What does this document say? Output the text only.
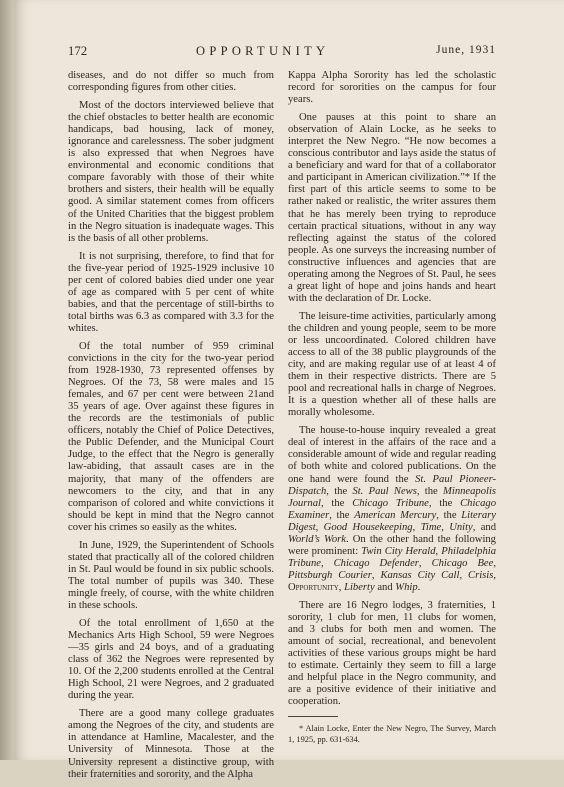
172	OPPORTUNITY	June, 1931

diseases, and do not differ so much from corresponding figures from other cities.

Most of the doctors interviewed believe that the chief obstacles to better health are economic handicaps, bad housing, lack of money, ignorance and carelessness. The sober judgment is also expressed that when Negroes have environmental and economic conditions that compare favorably with those of their white brothers and sisters, their health will be equally good. A similar statement comes from officers of the United Charities that the biggest problem in the Negro situation is inadequate wages. This is the basis of all other problems.

It is not surprising, therefore, to find that for the five-year period of 1925-1929 inclusive 10 per cent of colored babies died under one year of age as compared with 5 per cent of white babies, and that the percentage of still-births to total births was 6.3 as compared with 3.3 for the whites.

Of the total number of 959 criminal convictions in the city for the two-year period from 1928-1930, 73 represented offenses by Negroes. Of the 73, 58 were males and 15 females, and 67 per cent were between 21and 35 years of age. Over against these figures in the records are the testimonials of public officers, notably the Chief of Police Detectives, the Public Defender, and the Municipal Court Judge, to the effect that the Negro is generally law-abiding, that assault cases are in the majority, that many of the offenders are newcomers to the city, and that in any comparison of colored and white convictions it should be kept in mind that the Negro cannot cover his crimes so easily as the whites.

In June, 1929, the Superintendent of Schools stated that practically all of the colored children in St. Paul would be found in six public schools. The total number of pupils was 340. These mingle freely, of course, with the white children in these schools.

Of the total enrollment of 1,650 at the Mechanics Arts High School, 59 were Negroes—35 girls and 24 boys, and of a graduating class of 362 the Negroes were represented by 10. Of the 2,200 students enrolled at the Central High School, 21 were Negroes, and 2 graduated during the year.

There are a good many college graduates among the Negroes of the city, and students are in attendance at Hamline, Macalester, and the University of Minnesota. Those at the University represent a distinctive group, with their fraternities and sorority, and the Alpha

Kappa Alpha Sorority has led the scholastic record for sororities on the campus for four years.

One pauses at this point to share an observation of Alain Locke, as he seeks to interpret the New Negro. “He now becomes a conscious contributor and lays aside the status of a beneficiary and ward for that of a collaborator and participant in American civilization.”* If the first part of this article seems to some to be rather naked or realistic, the writer assures them that he has merely been trying to reproduce certain practical situations, without in any way reflecting against the status of the colored people. As one surveys the increasing number of constructive influences and agencies that are operating among the Negroes of St. Paul, he sees a great light of hope and joins hands and heart with the declaration of Dr. Locke.

The leisure-time activities, particularly among the children and young people, seem to be more or less uncoordinated. Colored children have access to all of the 38 public playgrounds of the city, and are making regular use of at least 4 of them in their respective districts. There are 5 pool and recreational halls in charge of Negroes. It is a question whether all of these halls are morally wholesome.

The house-to-house inquiry revealed a great deal of interest in the affairs of the race and a considerable amount of wide and regular reading of both white and colored publications. On the one hand were found the St. Paul Pioneer-Dispatch, the St. Paul News, the Minneapolis Journal, the Chicago Tribune, the Chicago Examiner, the American Mercury, the Literary Digest, Good Housekeeping, Time, Unity, and World’s Work. On the other hand the following were prominent: Twin City Herald, Philadelphia Tribune, Chicago Defender, Chicago Bee, Pittsburgh Courier, Kansas City Call, Crisis, Opportunity, Liberty and Whip.

There are 16 Negro lodges, 3 fraternities, 1 sorority, 1 club for men, 11 clubs for women, and 3 clubs for both men and women. The amount of social, recreational, and benevolent activities of these various groups might be hard to estimate. Certainly they seem to fill a large and helpful place in the Negro community, and are a positive evidence of their initiative and cooperation.

* Alain Locke, Enter the New Negro, The Survey, March 1, 1925, pp. 631-634.
